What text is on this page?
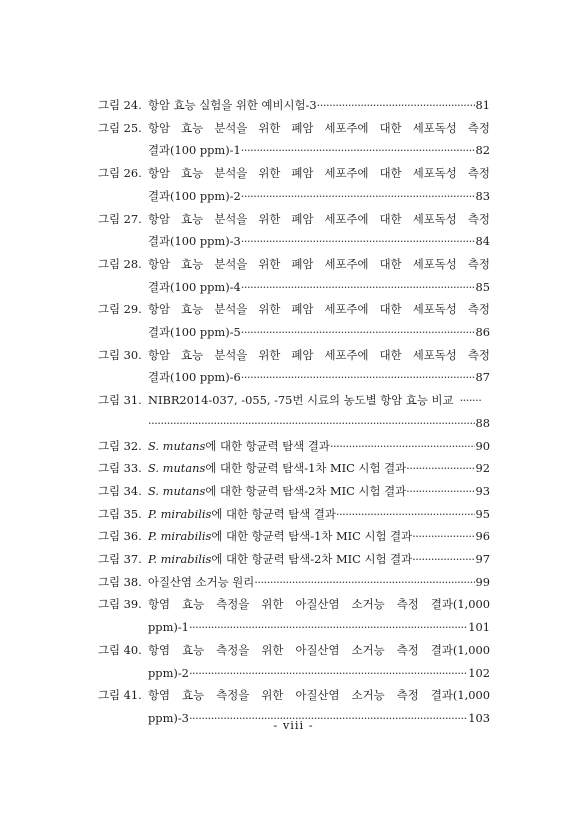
그림 24. 항암 효능 실험을 위한 예비시험-3 ·····	81
그림 25. 항암 효능 분석을 위한 폐암 세포주에 대한 세포독성 측정
결과(100 ppm)-1 ·····	82
그림 26. 항암 효능 분석을 위한 폐암 세포주에 대한 세포독성 측정
결과(100 ppm)-2 ·····	83
그림 27. 항암 효능 분석을 위한 폐암 세포주에 대한 세포독성 측정
결과(100 ppm)-3 ·····	84
그림 28. 항암 효능 분석을 위한 폐암 세포주에 대한 세포독성 측정
결과(100 ppm)-4 ·····	85
그림 29. 항암 효능 분석을 위한 폐암 세포주에 대한 세포독성 측정
결과(100 ppm)-5 ·····	86
그림 30. 항암 효능 분석을 위한 폐암 세포주에 대한 세포독성 측정
결과(100 ppm)-6 ·····	87
그림 31. NIBR2014-037, -055, -75번 시료의 농도별 항암 효능 비교
·····
·····
88
그림 32. S. mutans에 대한 항균력 탐색 결과 ·····	90
그림 33. S. mutans에 대한 항균력 탐색-1차 MIC 시험 결과 ·····	92
그림 34. S. mutans에 대한 항균력 탐색-2차 MIC 시험 결과 ·····	93
그림 35. P. mirabilis에 대한 항균력 탐색 결과 ·····	95
그림 36. P. mirabilis에 대한 항균력 탐색-1차 MIC 시험 결과 ·····	96
그림 37. P. mirabilis에 대한 항균력 탐색-2차 MIC 시험 결과 ·····	97
그림 38. 아질산염 소거능 원리 ·····	99
그림 39. 항염 효능 측정을 위한 아질산염 소거능 측정 결과(1,000
ppm)-1 ·····	101
그림 40. 항염 효능 측정을 위한 아질산염 소거능 측정 결과(1,000
ppm)-2 ·····	102
그림 41. 항염 효능 측정을 위한 아질산염 소거능 측정 결과(1,000
ppm)-3 ·····	103
- viii -
